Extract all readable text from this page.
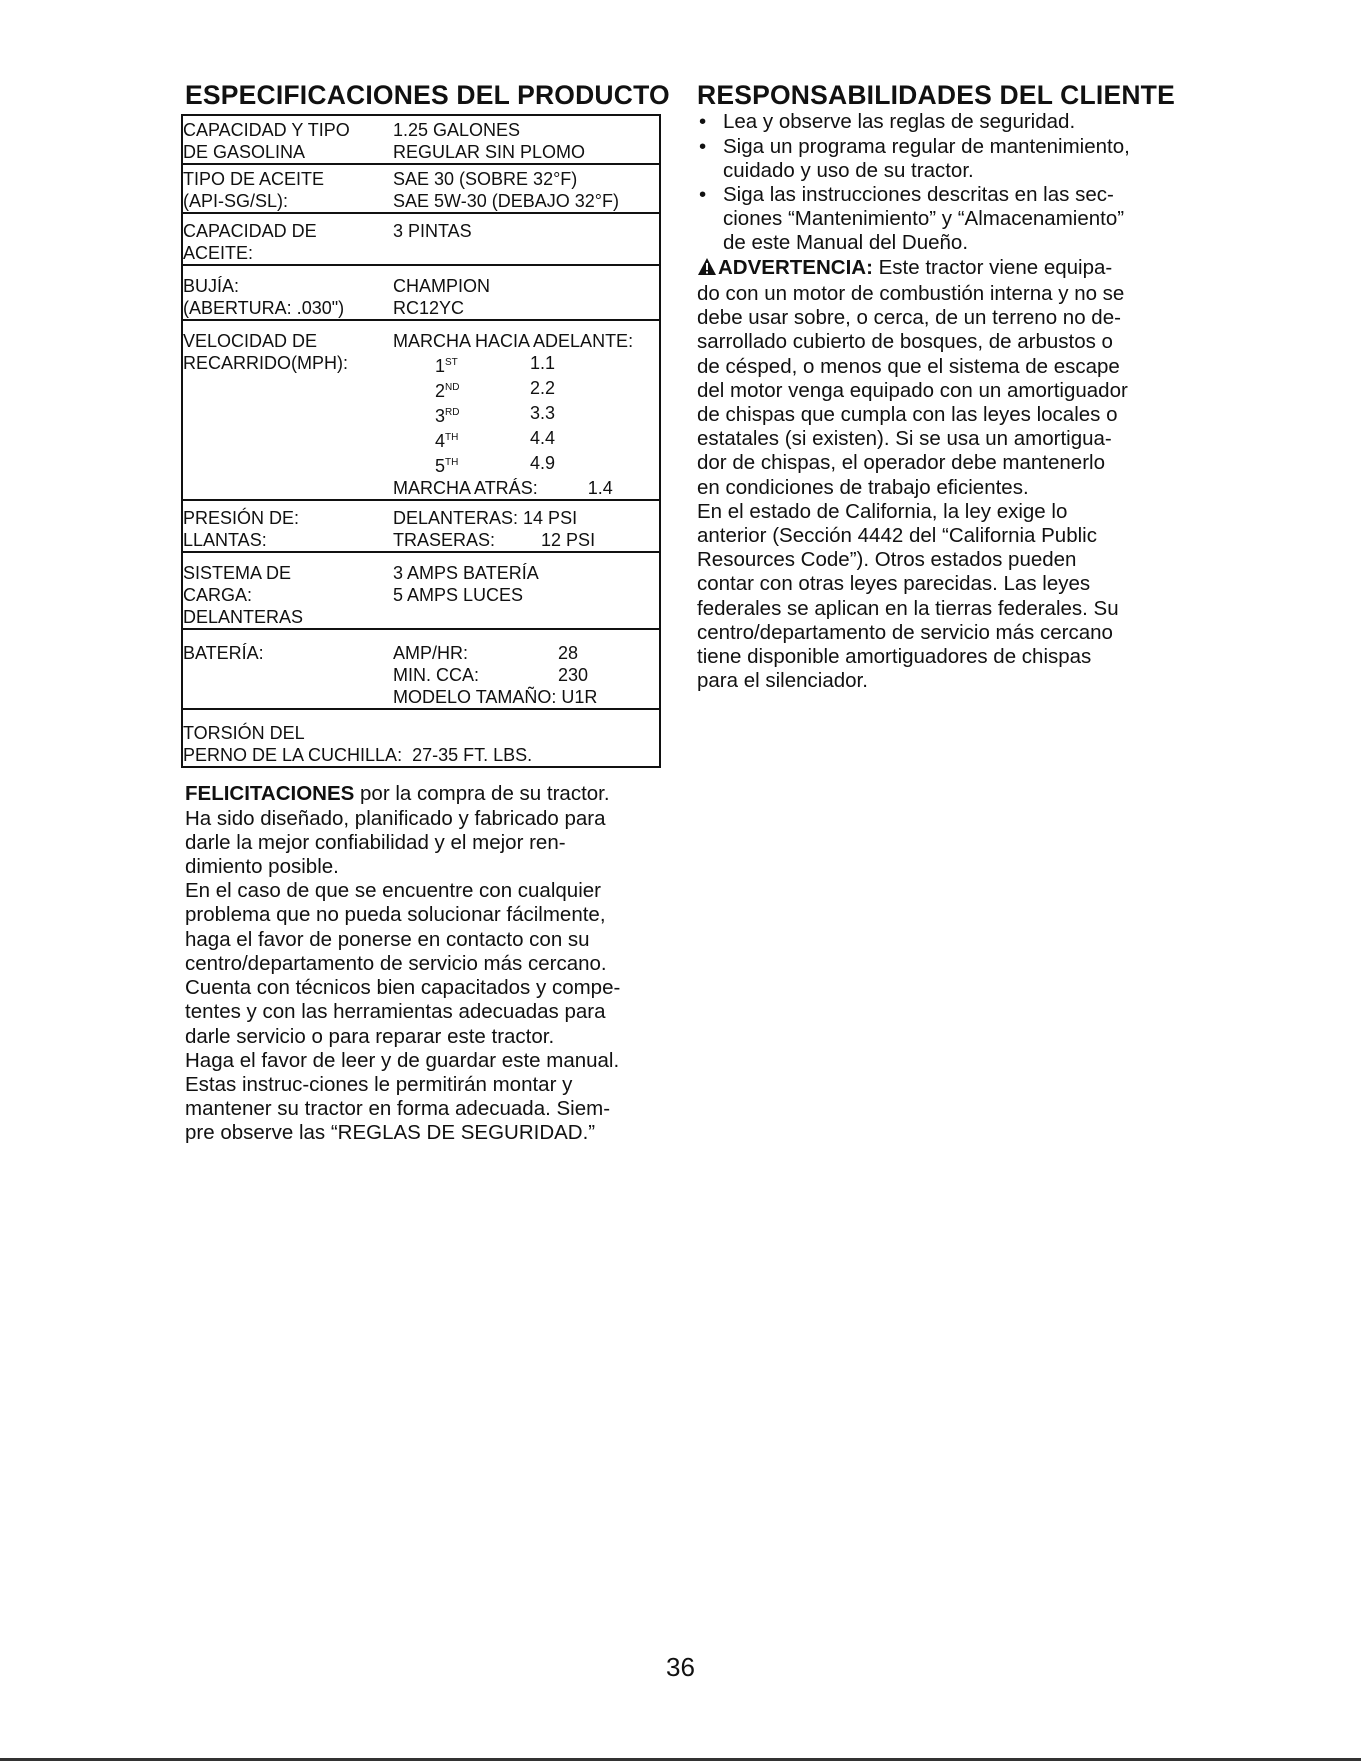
ESPECIFICACIONES DEL PRODUCTO
CAPACIDAD Y TIPO	1.25 GALONES
DE GASOLINA	REGULAR SIN PLOMO
TIPO DE ACEITE	SAE 30 (SOBRE 32°F)
(API-SG/SL):	SAE 5W-30 (DEBAJO 32°F)
CAPACIDAD DE	3 PINTAS
ACEITE:
BUJÍA:	CHAMPION
(ABERTURA: .030")	RC12YC
VELOCIDAD DE	MARCHA HACIA ADELANTE:
RECARRIDO(MPH):	1ST	1.1
2ND	2.2
3RD	3.3
4TH	4.4
5TH	4.9
MARCHA ATRÁS:	1.4
PRESIÓN DE:	DELANTERAS: 14 PSI
LLANTAS:	TRASERAS:	12 PSI
SISTEMA DE	3 AMPS BATERÍA
CARGA:	5 AMPS LUCES
DELANTERAS
BATERÍA:	AMP/HR:	28
MIN. CCA:	230
MODELO TAMAÑO: U1R
TORSIÓN DEL
PERNO DE LA CUCHILLA: 27-35 FT. LBS.

FELICITACIONES por la compra de su tractor.

Ha sido diseñado, planificado y fabricado para

darle la mejor confiabilidad y el mejor ren-

dimiento posible.

En el caso de que se encuentre con cualquier

problema que no pueda solucionar fácilmente,

haga el favor de ponerse en contacto con su

centro/departamento de servicio más cercano.

Cuenta con técnicos bien capacitados y compe-

tentes y con las herramientas adecuadas para

darle servicio o para reparar este tractor.

Haga el favor de leer y de guardar este manual.

Estas instruc-ciones le permitirán montar y

mantener su tractor en forma adecuada. Siem-

pre observe las “REGLAS DE SEGURIDAD.”

RESPONSABILIDADES DEL CLIENTE
• Lea y observe las reglas de seguridad.
• Siga un programa regular de mantenimiento,
cuidado y uso de su tractor.
• Siga las instrucciones descritas en las sec-
ciones “Mantenimiento” y “Almacenamiento”
de este Manual del Dueño.

ADVERTENCIA: Este tractor viene equipa-

do con un motor de combustión interna y no se

debe usar sobre, o cerca, de un terreno no de-

sarrollado cubierto de bosques, de arbustos o

de césped, o menos que el sistema de escape

del motor venga equipado con un amortiguador

de chispas que cumpla con las leyes locales o

estatales (si existen). Si se usa un amortigua-

dor de chispas, el operador debe mantenerlo

en condiciones de trabajo eficientes.

En el estado de California, la ley exige lo

anterior (Sección 4442 del “California Public

Resources Code”). Otros estados pueden

contar con otras leyes parecidas. Las leyes

federales se aplican en la tierras federales. Su

centro/departamento de servicio más cercano

tiene disponible amortiguadores de chispas

para el silenciador.

36
